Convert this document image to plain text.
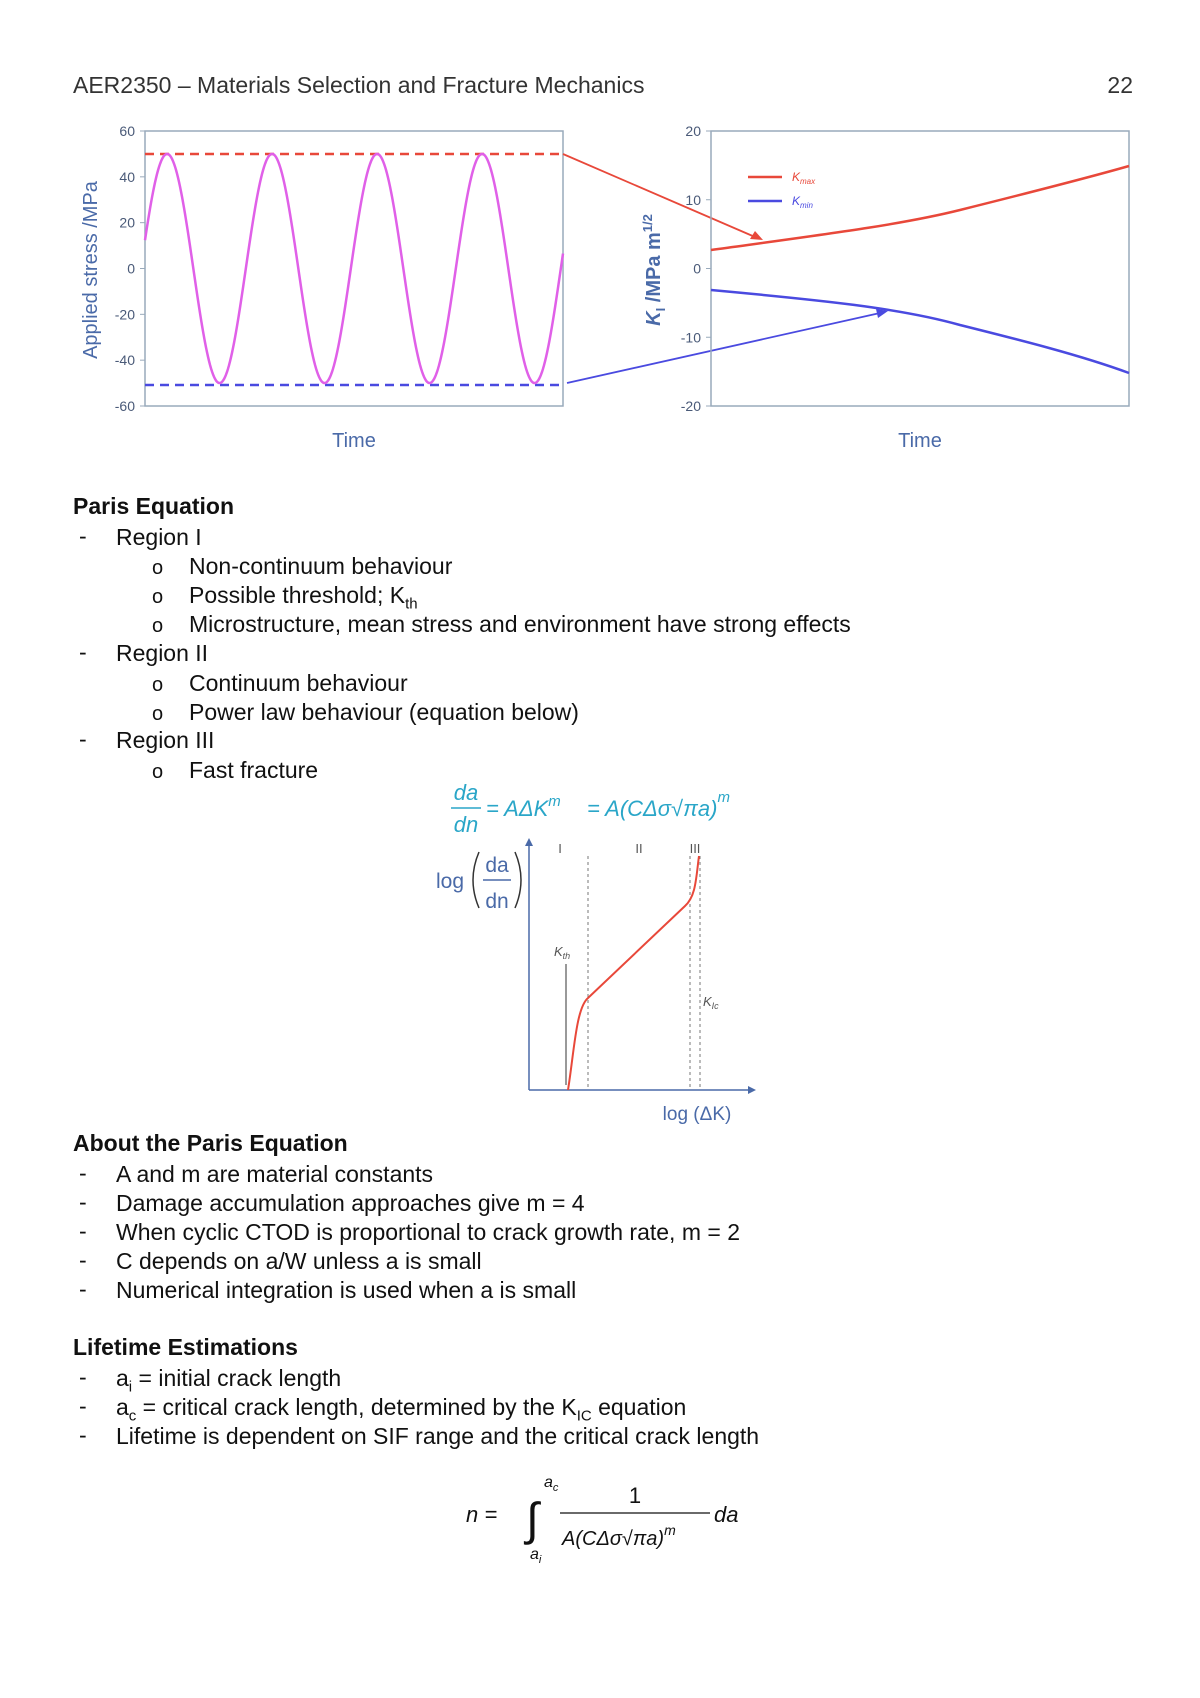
AER2350 – Materials Selection and Fracture Mechanics	22
60
40
20
0
-20
-40
-60
Applied stress /MPa
Time
20
10
0
-10
-20
$K_I$ /MPa $m^{1/2}$
Time
$K_{max}$
$K_{min}$
Paris Equation
- Region I
o Non-continuum behaviour
o Possible threshold; $K_{th}$
o Microstructure, mean stress and environment have strong effects
- Region II
o Continuum behaviour
o Power law behaviour (equation below)
- Region III
o Fast fracture
da
dn
= $A\Delta K^m = A(C\Delta\sigma√\pi a)^m$
log
da
dn
log (ΔK)
I	II	III
$K_{th}$
$K_{Ic}$
About the Paris Equation
- A and m are material constants
- Damage accumulation approaches give m = 4
- When cyclic CTOD is proportional to crack growth rate, m = 2
- C depends on a/W unless a is small
- Numerical integration is used when a is small
Lifetime Estimations
- $a_i$ = initial crack length
- $a_c$ = critical crack length, determined by the $K_{IC}$ equation
- Lifetime is dependent on SIF range and the critical crack length
n = ∫
$a_c$
$a_i$
1
$A(C\Delta\sigma√\pi a)^m$
da
